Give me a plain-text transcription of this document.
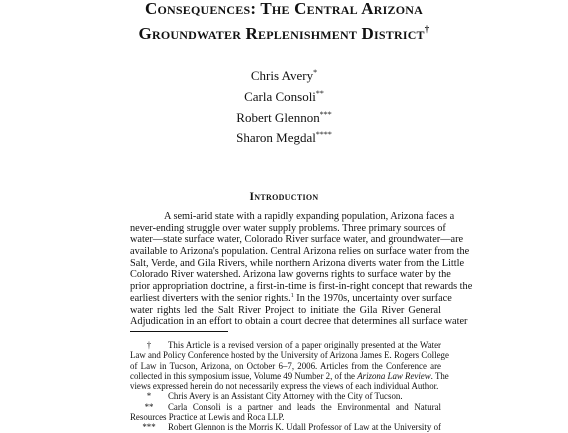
Consequences: The Central Arizona
Groundwater Replenishment District†
Chris Avery*
Carla Consoli**
Robert Glennon***
Sharon Megdal****
Introduction
A semi-arid state with a rapidly expanding population, Arizona faces a
never-ending struggle over water supply problems. Three primary sources of
water—state surface water, Colorado River surface water, and groundwater—are
available to Arizona's population. Central Arizona relies on surface water from the
Salt, Verde, and Gila Rivers, while northern Arizona diverts water from the Little
Colorado River watershed. Arizona law governs rights to surface water by the
prior appropriation doctrine, a first-in-time is first-in-right concept that rewards the
earliest diverters with the senior rights.$^1$ In the 1970s, uncertainty over surface
water rights led the Salt River Project to initiate the Gila River General
Adjudication in an effort to obtain a court decree that determines all surface water
† This Article is a revised version of a paper originally presented at the Water
Law and Policy Conference hosted by the University of Arizona James E. Rogers College
of Law in Tucson, Arizona, on October 6–7, 2006. Articles from the Conference are
collected in this symposium issue, Volume 49 Number 2, of the Arizona Law Review. The
views expressed herein do not necessarily express the views of each individual Author.
* Chris Avery is an Assistant City Attorney with the City of Tucson.
** Carla Consoli is a partner and leads the Environmental and Natural
Resources Practice at Lewis and Roca LLP.
*** Robert Glennon is the Morris K. Udall Professor of Law at the University of
